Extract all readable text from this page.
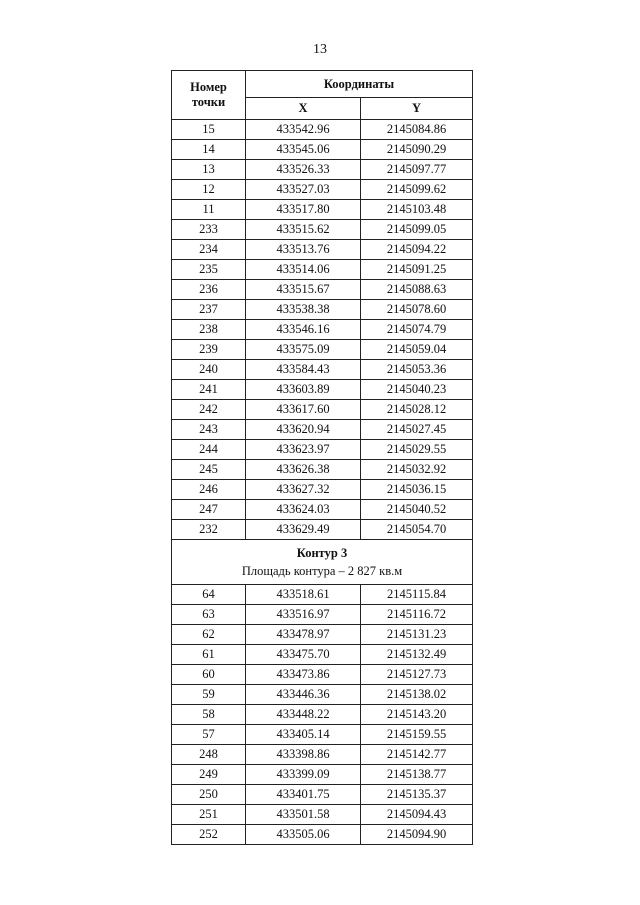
13
Номер точки	Координаты	
	X	Y
15	433542.96	2145084.86
14	433545.06	2145090.29
13	433526.33	2145097.77
12	433527.03	2145099.62
11	433517.80	2145103.48
233	433515.62	2145099.05
234	433513.76	2145094.22
235	433514.06	2145091.25
236	433515.67	2145088.63
237	433538.38	2145078.60
238	433546.16	2145074.79
239	433575.09	2145059.04
240	433584.43	2145053.36
241	433603.89	2145040.23
242	433617.60	2145028.12
243	433620.94	2145027.45
244	433623.97	2145029.55
245	433626.38	2145032.92
246	433627.32	2145036.15
247	433624.03	2145040.52
232	433629.49	2145054.70

Контур 3
Площадь контура – 2 827 кв.м		

64	433518.61	2145115.84
63	433516.97	2145116.72
62	433478.97	2145131.23
61	433475.70	2145132.49
60	433473.86	2145127.73
59	433446.36	2145138.02
58	433448.22	2145143.20
57	433405.14	2145159.55
248	433398.86	2145142.77
249	433399.09	2145138.77
250	433401.75	2145135.37
251	433501.58	2145094.43
252	433505.06	2145094.90
